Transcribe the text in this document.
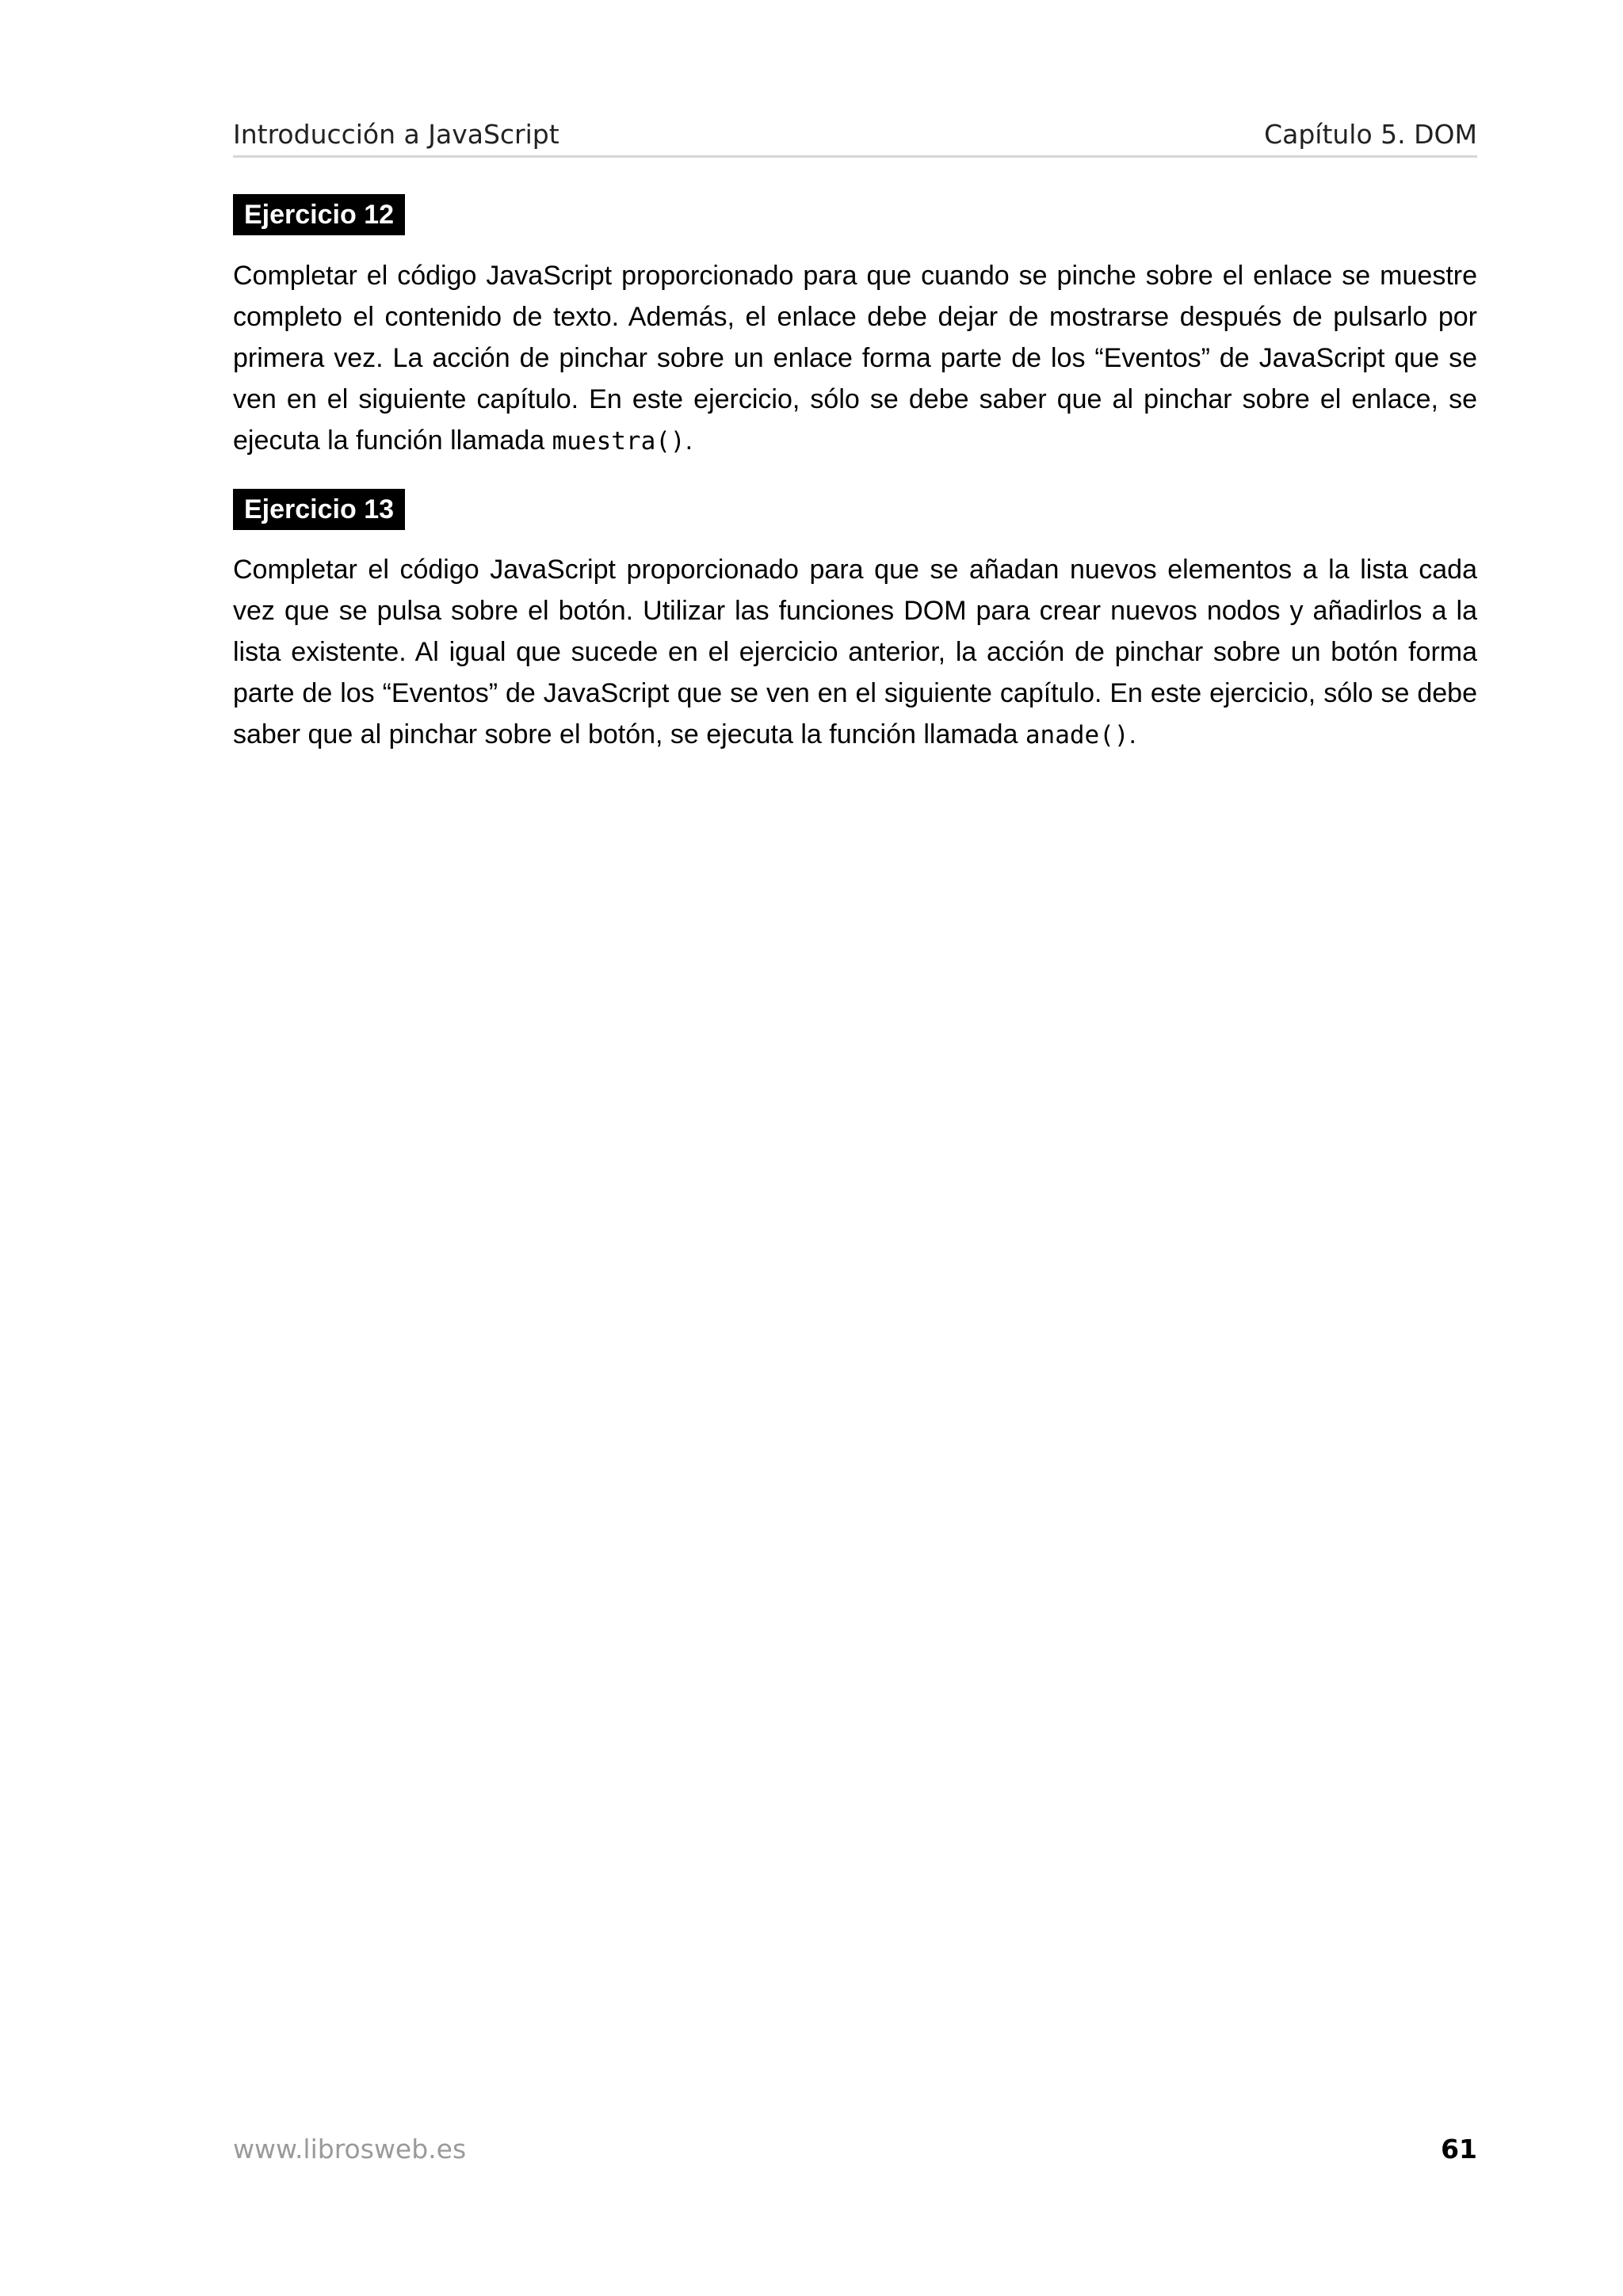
Introducción a JavaScript	Capítulo 5. DOM
Ejercicio 12

Completar el código JavaScript proporcionado para que cuando se pinche sobre el enlace se muestre completo el contenido de texto. Además, el enlace debe dejar de mostrarse después de pulsarlo por primera vez. La acción de pinchar sobre un enlace forma parte de los “Eventos” de JavaScript que se ven en el siguiente capítulo. En este ejercicio, sólo se debe saber que al pinchar sobre el enlace, se ejecuta la función llamada muestra().

Ejercicio 13

Completar el código JavaScript proporcionado para que se añadan nuevos elementos a la lista cada vez que se pulsa sobre el botón. Utilizar las funciones DOM para crear nuevos nodos y añadirlos a la lista existente. Al igual que sucede en el ejercicio anterior, la acción de pinchar sobre un botón forma parte de los “Eventos” de JavaScript que se ven en el siguiente capítulo. En este ejercicio, sólo se debe saber que al pinchar sobre el botón, se ejecuta la función llamada anade().

www.librosweb.es	61
